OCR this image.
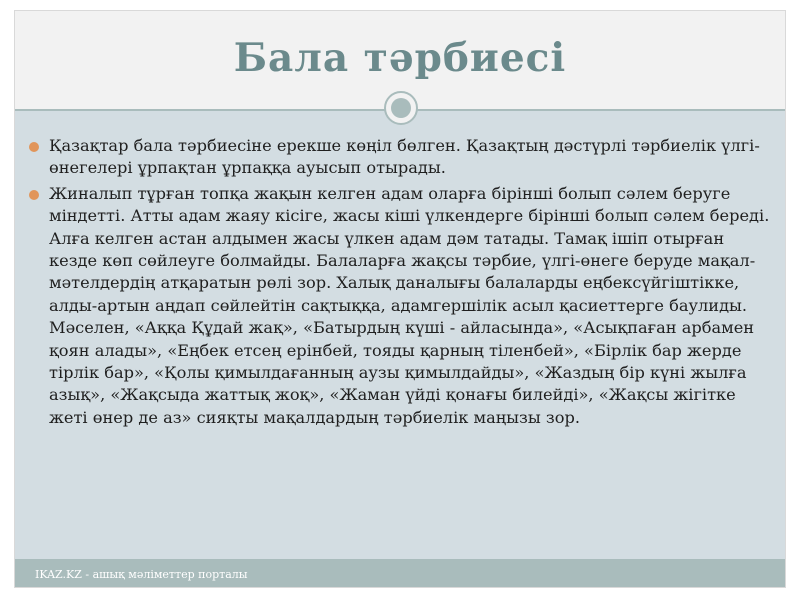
Бала тәрбиесі
Қазақтар бала тәрбиесіне ерекше көңіл бөлген. Қазақтың дәстүрлі тәрбиелік үлгі-өнегелері ұрпақтан ұрпаққа ауысып отырады.
Жиналып тұрған топқа жақын келген адам оларға бірінші болып сәлем беруге міндетті. Атты адам жаяу кісіге, жасы кіші үлкендерге бірінші болып сәлем береді. Алға келген астан алдымен жасы үлкен адам дәм татады. Тамақ ішіп отырған кезде көп сөйлеуге болмайды. Балаларға жақсы тәрбие, үлгі-өнеге беруде мақал-мәтелдердің атқаратын рөлі зор. Халық даналығы балаларды еңбексүйгіштікке, алды-артын аңдап сөйлейтін сақтыққа, адамгершілік асыл қасиеттерге баулиды. Мәселен, «Аққа Құдай жақ», «Батырдың күші - айласында», «Асықпаған арбамен қоян алады», «Еңбек етсең ерінбей, тояды қарның тіленбей», «Бірлік бар жерде тірлік бар», «Қолы қимылдағанның аузы қимылдайды», «Жаздың бір күні жылға азық», «Жақсыда жаттық жоқ», «Жаман үйді қонағы билейді», «Жақсы жігітке жеті өнер де аз» сияқты мақалдардың тәрбиелік маңызы зор.
IKAZ.KZ - ашық мәліметтер порталы
